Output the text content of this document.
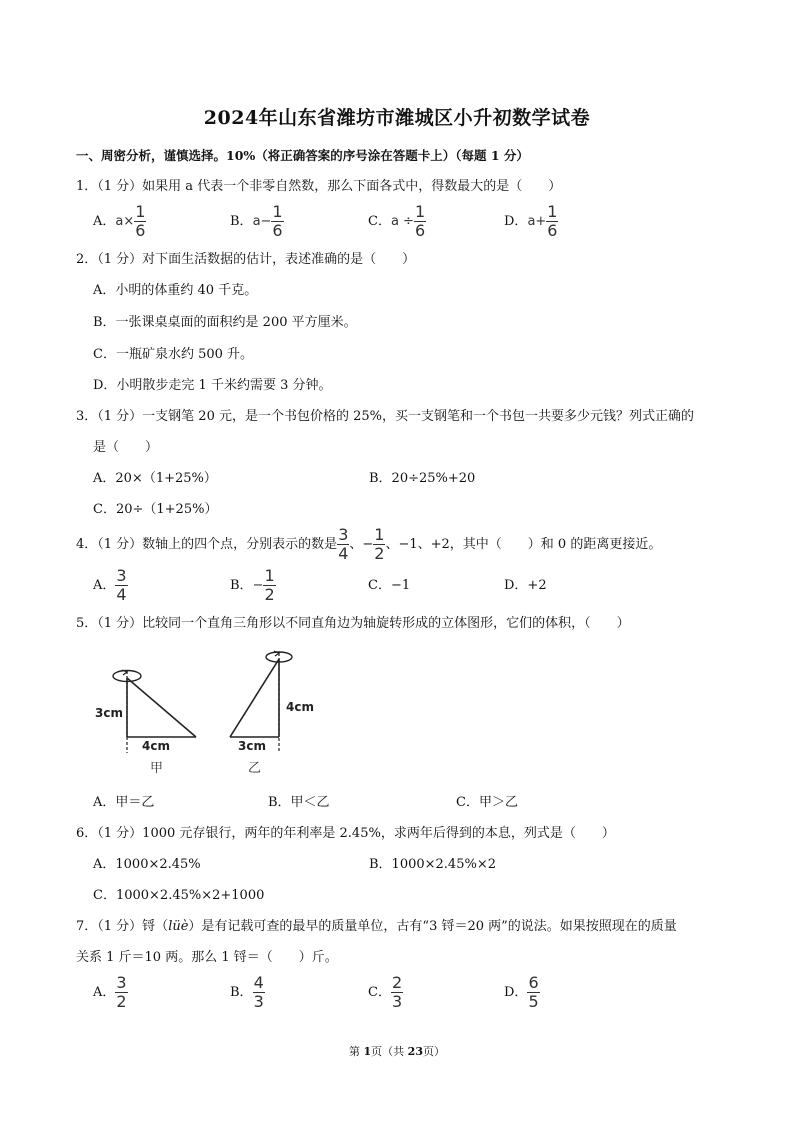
2024年山东省潍坊市潍城区小升初数学试卷
一、周密分析，谨慎选择。10%（将正确答案的序号涂在答题卡上）（每题 1 分）
1．（1 分）如果用 a 代表一个非零自然数，那么下面各式中，得数最大的是（　　）
A．$a\times \frac{1}{6}$	B．$a- \frac{1}{6}$	C．$a \div \frac{1}{6}$	D．$a+ \frac{1}{6}$
2．（1 分）对下面生活数据的估计，表述准确的是（　　）
A．小明的体重约 40 千克。
B．一张课桌桌面的面积约是 200 平方厘米。
C．一瓶矿泉水约 500 升。
D．小明散步走完 1 千米约需要 3 分钟。
3．（1 分）一支钢笔 20 元，是一个书包价格的 25%，买一支钢笔和一个书包一共要多少元钱？列式正确的
是（　　）
A．20×（1+25%）	B．20÷25%+20
C．20÷（1+25%）
4．（1 分）数轴上的四个点，分别表示的数是 $\frac{3}{4}$ 、− $\frac{1}{2}$ 、−1、+2，其中（　　）和 0 的距离更接近。
A． $\frac{3}{4}$	B．− $\frac{1}{2}$	C．−1	D．+2
5．（1 分）比较同一个直角三角形以不同直角边为轴旋转形成的立体图形，它们的体积，（　　）
3cm
4cm
甲
4cm
3cm
乙
A．甲＝乙	B．甲＜乙	C．甲＞乙
6．（1 分）1000 元存银行，两年的年利率是 2.45%，求两年后得到的本息，列式是（　　）
A．1000×2.45%	B．1000×2.45%×2
C．1000×2.45%×2+1000
7．（1 分）锊（lüè）是有记载可查的最早的质量单位，古有“3 锊＝20 两”的说法。如果按照现在的质量
关系 1 斤＝10 两。那么 1 锊＝（　　）斤。
A． $\frac{3}{2}$	B． $\frac{4}{3}$	C． $\frac{2}{3}$	D． $\frac{6}{5}$
第 1页（共 23页）
